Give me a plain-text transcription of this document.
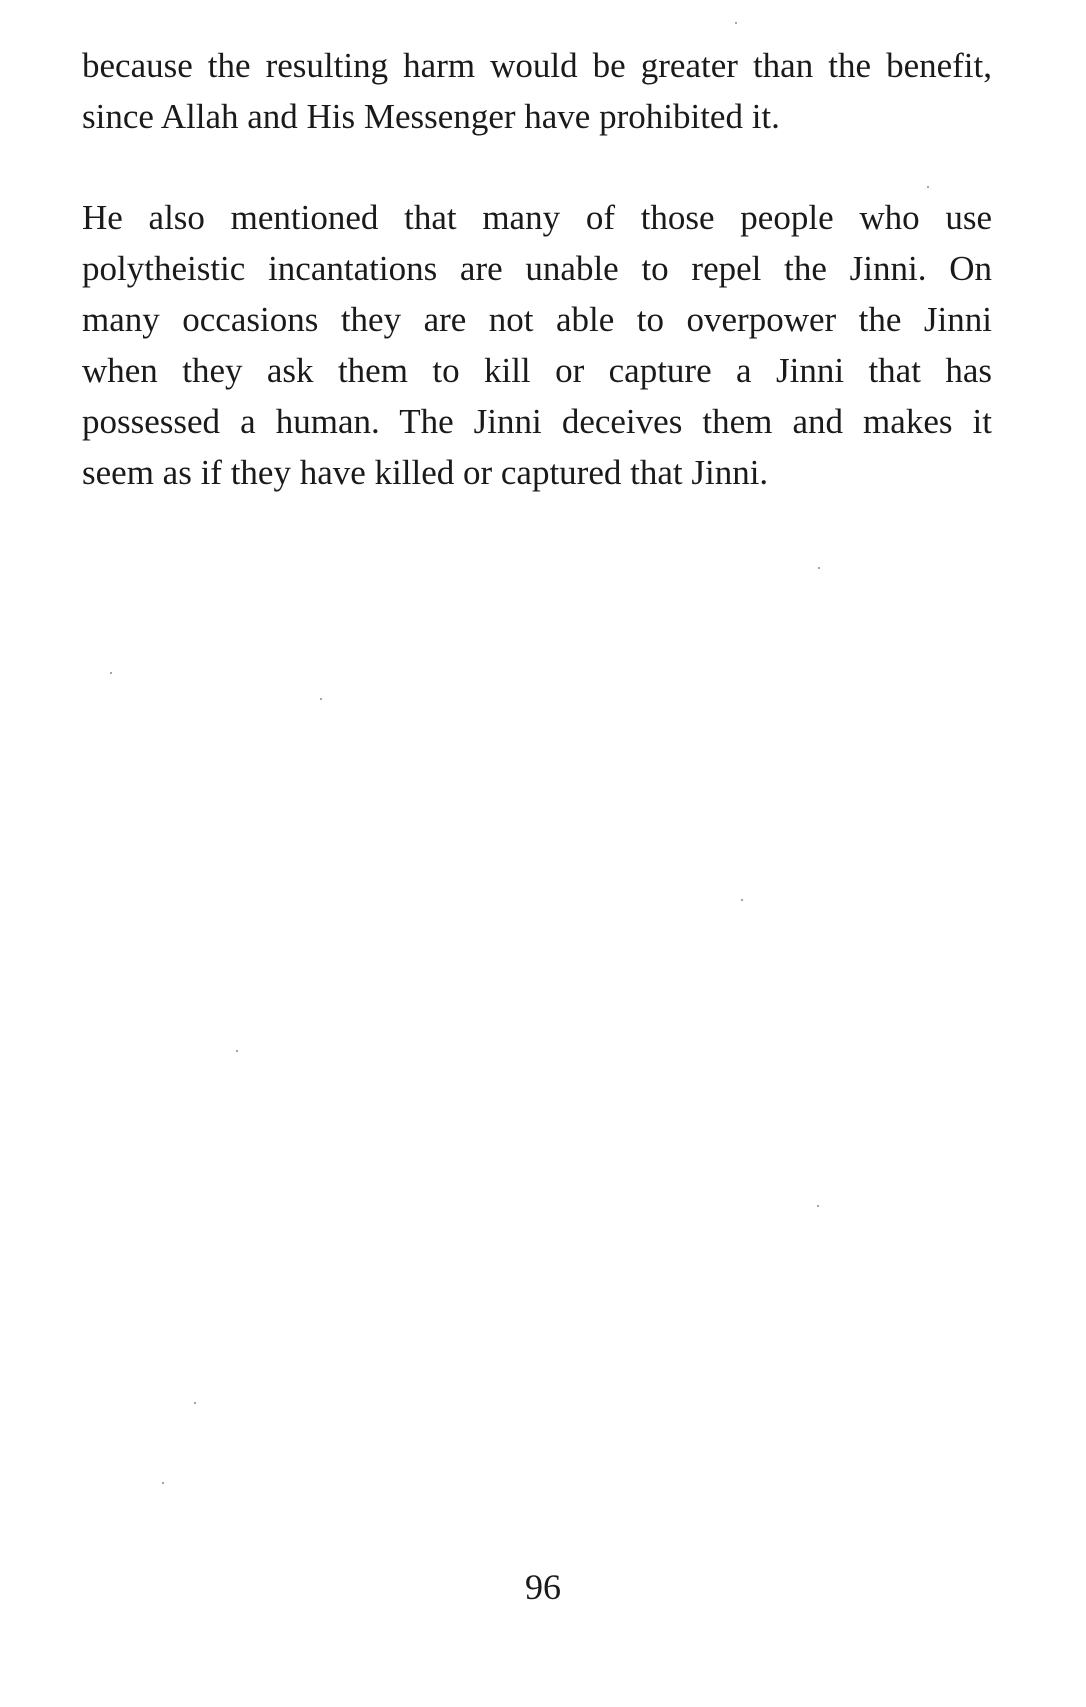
because the resulting harm would be greater than the benefit,
since Allah and His Messenger have prohibited it.
He also mentioned that many of those people who use
polytheistic incantations are unable to repel the Jinni. On
many occasions they are not able to overpower the Jinni
when they ask them to kill or capture a Jinni that has
possessed a human. The Jinni deceives them and makes it
seem as if they have killed or captured that Jinni.
96
